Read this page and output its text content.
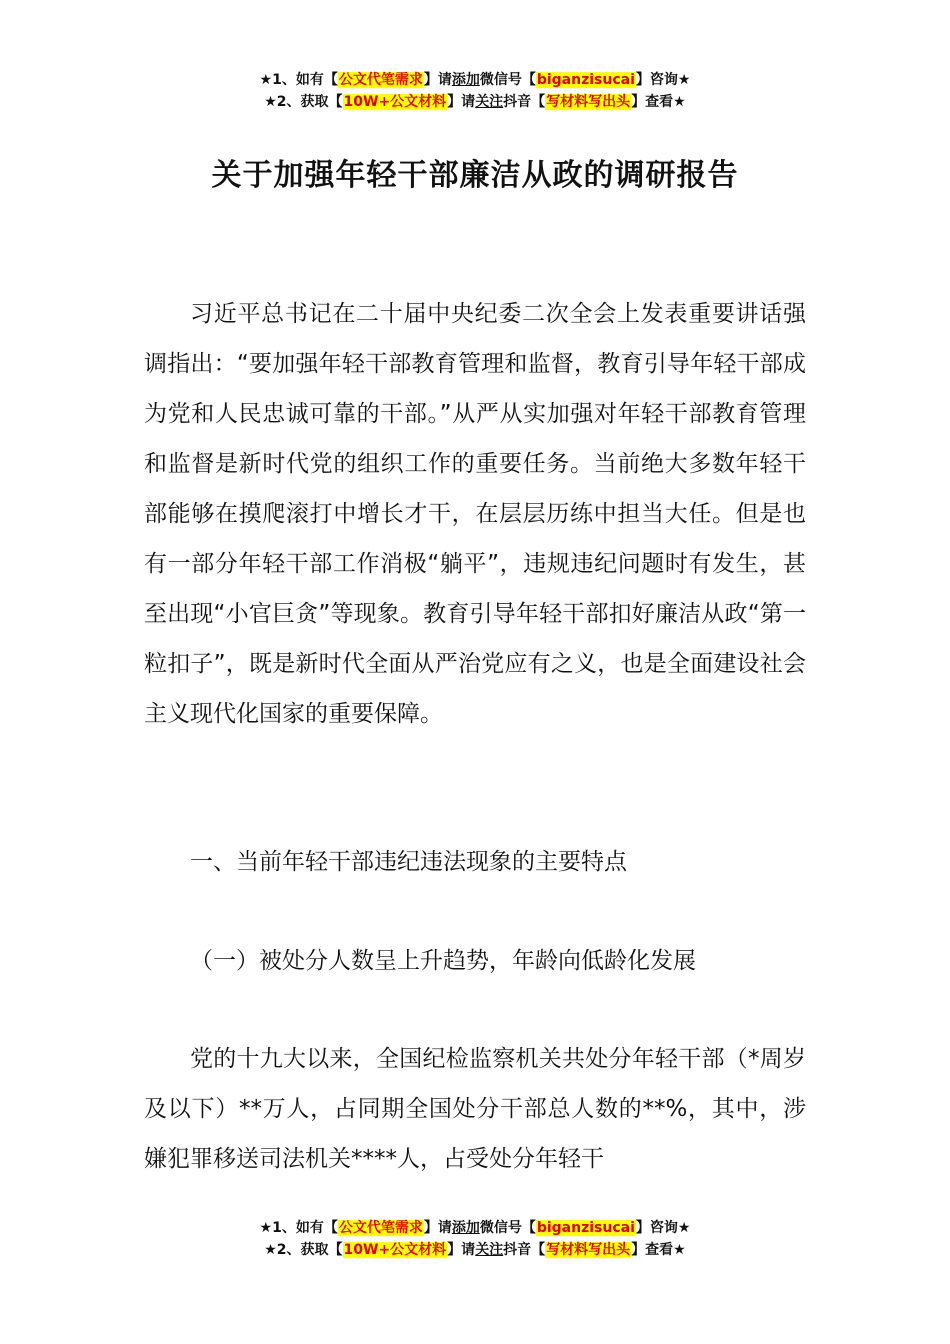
★1、如有【公文代笔需求】请添加微信号【biganzisucai】咨询★
★2、获取【10W+公文材料】请关注抖音【写材料写出头】查看★
关于加强年轻干部廉洁从政的调研报告
习近平总书记在二十届中央纪委二次全会上发表重要讲话强调指出：“要加强年轻干部教育管理和监督，教育引导年轻干部成为党和人民忠诚可靠的干部。”从严从实加强对年轻干部教育管理和监督是新时代党的组织工作的重要任务。当前绝大多数年轻干部能够在摸爬滚打中增长才干，在层层历练中担当大任。但是也有一部分年轻干部工作消极“躺平”，违规违纪问题时有发生，甚至出现“小官巨贪”等现象。教育引导年轻干部扣好廉洁从政“第一粒扣子”，既是新时代全面从严治党应有之义，也是全面建设社会主义现代化国家的重要保障。
一、当前年轻干部违纪违法现象的主要特点
（一）被处分人数呈上升趋势，年龄向低龄化发展
党的十九大以来，全国纪检监察机关共处分年轻干部（*周岁及以下）**万人，占同期全国处分干部总人数的**%，其中，涉嫌犯罪移送司法机关****人，占受处分年轻干
★1、如有【公文代笔需求】请添加微信号【biganzisucai】咨询★
★2、获取【10W+公文材料】请关注抖音【写材料写出头】查看★
